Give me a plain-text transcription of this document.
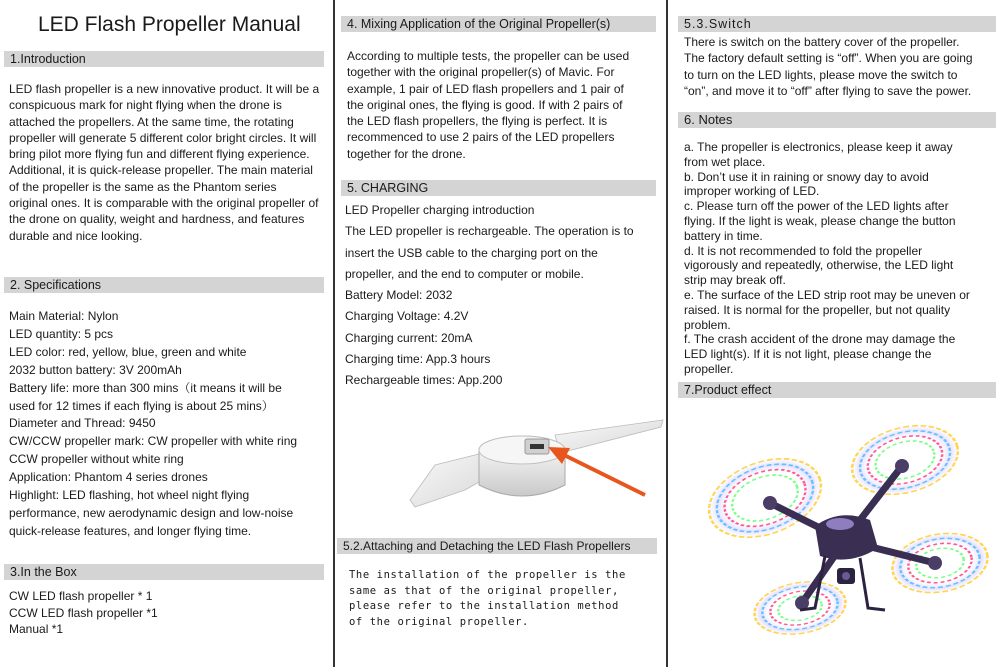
LED Flash Propeller Manual
1.Introduction
LED flash propeller is a new innovative product. It will be a
conspicuous mark for night flying when the drone is
attached the propellers. At the same time, the rotating
propeller will generate 5 different color bright circles. It will
bring pilot more flying fun and different flying experience.
Additional, it is quick-release propeller. The main material
of the propeller is the same as the Phantom series
original ones. It is comparable with the original propeller of
the drone on quality, weight and hardness, and features
durable and nice looking.
2. Specifications
Main Material: Nylon
LED quantity: 5 pcs
LED color: red, yellow, blue, green and white
2032 button battery: 3V 200mAh
Battery life: more than 300 mins（it means it will be
used for 12 times if each flying is about 25 mins）
Diameter and Thread: 9450
CW/CCW propeller mark: CW propeller with white ring
CCW propeller without white ring
Application: Phantom 4 series drones
Highlight: LED flashing, hot wheel night flying
performance, new aerodynamic design and low-noise
quick-release features, and longer flying time.
3.In the Box
CW LED flash propeller * 1
CCW LED flash propeller *1
Manual *1
4. Mixing Application of the Original Propeller(s)
According to multiple tests, the propeller can be used
together with the original propeller(s) of Mavic. For
example, 1 pair of LED flash propellers and 1 pair of
the original ones, the flying is good. If with 2 pairs of
the LED flash propellers, the flying is perfect. It is
recommenced to use 2 pairs of the LED propellers
together for the drone.
5. CHARGING
LED Propeller charging introduction
The LED propeller is rechargeable. The operation is to
insert the USB cable to the charging port on the
propeller, and the end to computer or mobile.
Battery Model: 2032
Charging Voltage: 4.2V
Charging current: 20mA
Charging time: App.3 hours
Rechargeable times: App.200
5.2.Attaching and Detaching the LED Flash Propellers
The installation of the propeller is the
same as that of the original propeller,
please refer to the installation method
of the original propeller.
5.3.Switch
There is switch on the battery cover of the propeller.
The factory default setting is “off”. When you are going
to turn on the LED lights, please move the switch to
“on”, and move it to “off” after flying to save the power.
6. Notes
a. The propeller is electronics, please keep it away
from wet place.
b. Don’t use it in raining or snowy day to avoid
improper working of LED.
c. Please turn off the power of the LED lights after
flying. If the light is weak, please change the button
battery in time.
d. It is not recommended to fold the propeller
vigorously and repeatedly, otherwise, the LED light
strip may break off.
e. The surface of the LED strip root may be uneven or
raised. It is normal for the propeller, but not quality
problem.
f. The crash accident of the drone may damage the
LED light(s). If it is not light, please change the
propeller.
7.Product effect
